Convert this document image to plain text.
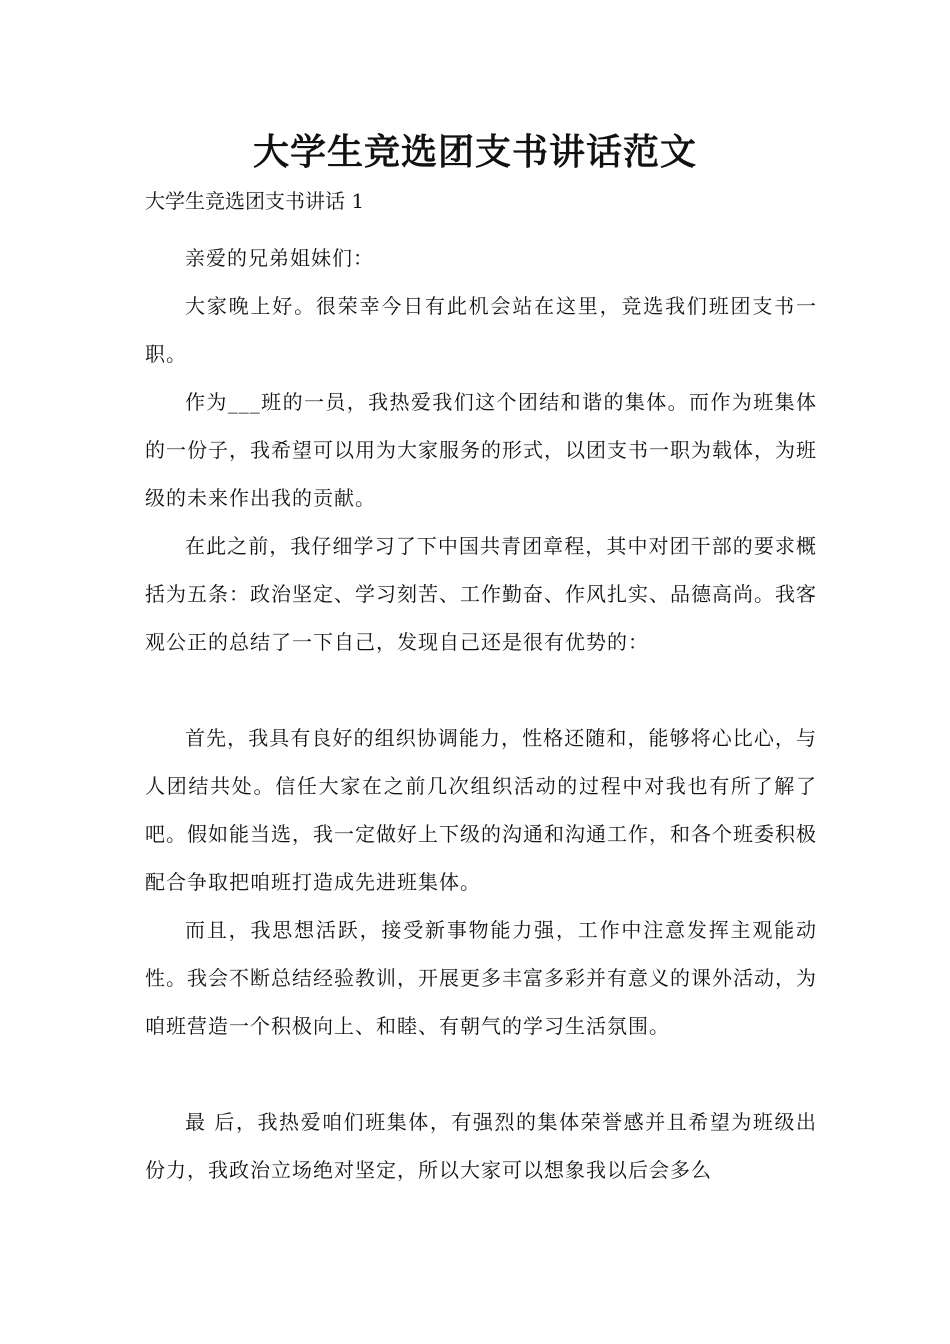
大学生竞选团支书讲话范文

大学生竞选团支书讲话 1

亲爱的兄弟姐妹们：

大家晚上好。很荣幸今日有此机会站在这里，竞选我们班团支书一职。

作为___班的一员，我热爱我们这个团结和谐的集体。而作为班集体的一份子，我希望可以用为大家服务的形式，以团支书一职为载体，为班级的未来作出我的贡献。

在此之前，我仔细学习了下中国共青团章程，其中对团干部的要求概括为五条：政治坚定、学习刻苦、工作勤奋、作风扎实、品德高尚。我客观公正的总结了一下自己，发现自己还是很有优势的：

首先，我具有良好的组织协调能力，性格还随和，能够将心比心，与人团结共处。信任大家在之前几次组织活动的过程中对我也有所了解了吧。假如能当选，我一定做好上下级的沟通和沟通工作，和各个班委积极配合争取把咱班打造成先进班集体。

而且，我思想活跃，接受新事物能力强，工作中注意发挥主观能动性。我会不断总结经验教训，开展更多丰富多彩并有意义的课外活动，为咱班营造一个积极向上、和睦、有朝气的学习生活氛围。

最 后，我热爱咱们班集体，有强烈的集体荣誉感并且希望为班级出份力，我政治立场绝对坚定，所以大家可以想象我以后会多么
